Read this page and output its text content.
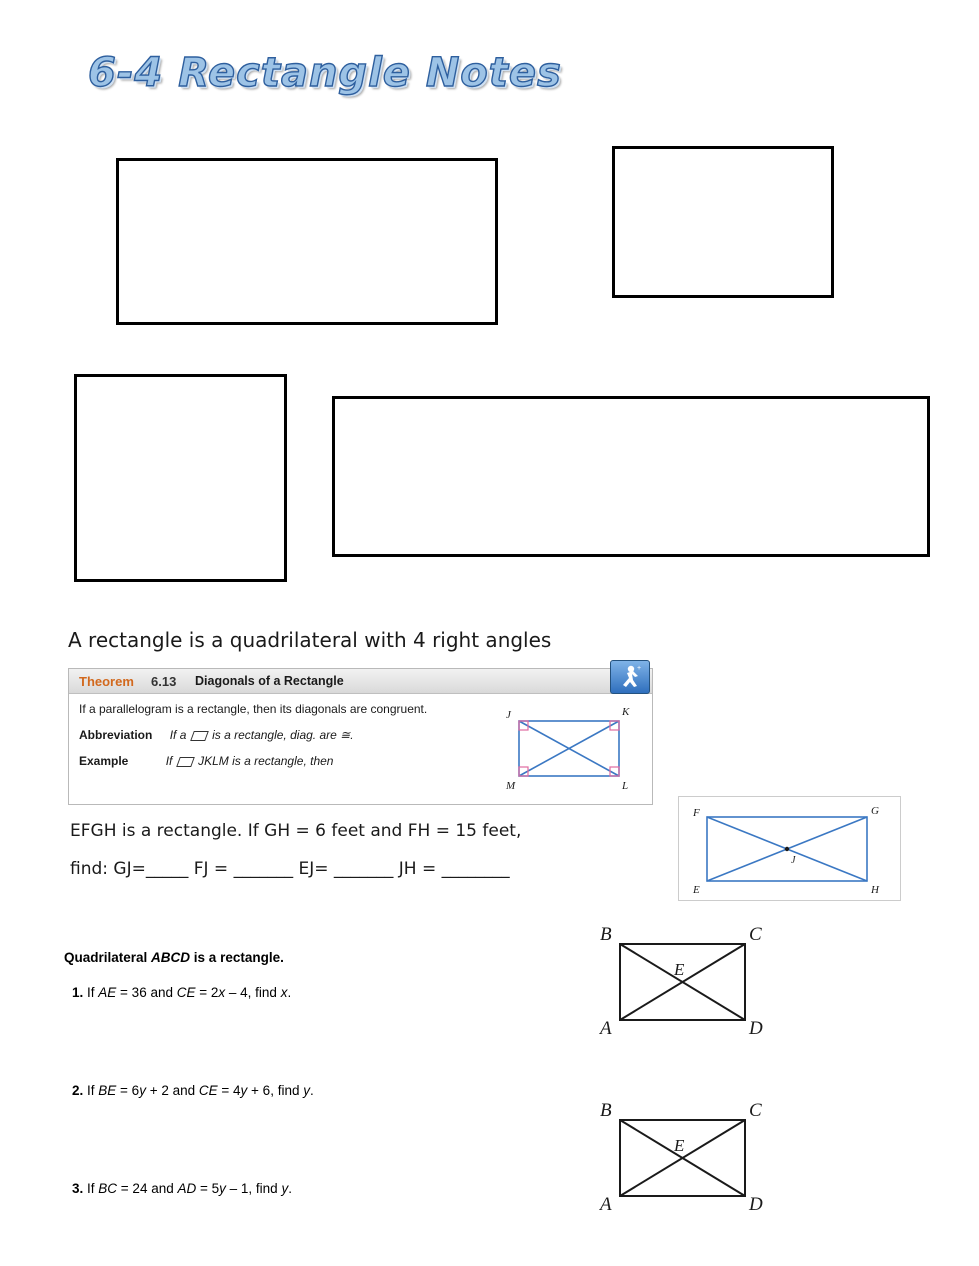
6-4 Rectangle Notes
A rectangle is a quadrilateral with 4 right angles
Theorem 6.13 Diagonals of a Rectangle
If a parallelogram is a rectangle, then its diagonals are congruent.
Abbreviation If a is a rectangle, diag. are ≅.
Example	If JKLM is a rectangle, then
J	K
M	L
+
EFGH is a rectangle. If GH = 6 feet and FH = 15 feet,
find: GJ=_____ FJ = _______ EJ= _______ JH = ________
F	G
J
E	H
Quadrilateral ABCD is a rectangle.
1. If AE = 36 and CE = 2x – 4, find x.
2. If BE = 6y + 2 and CE = 4y + 6, find y.
3. If BC = 24 and AD = 5y – 1, find y.
B	C
E
A	D
B	C
E
A	D
